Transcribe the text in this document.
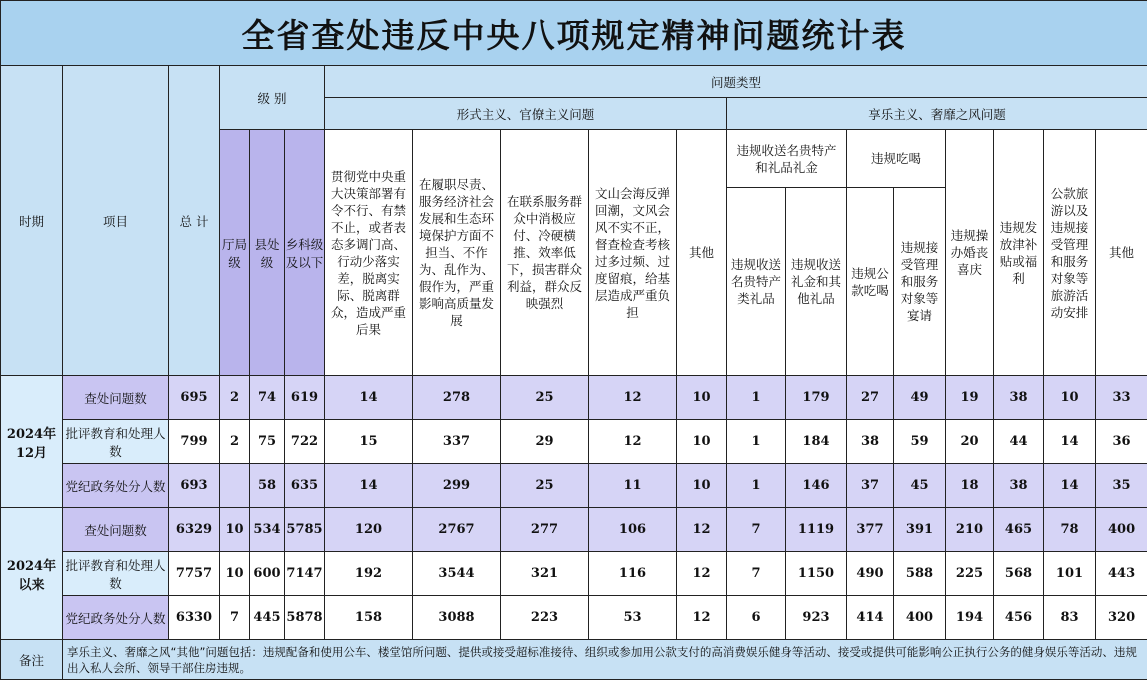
全省查处违反中央八项规定精神问题统计表																		
时期	项目	总 计	级 别			问题类型												
						形式主义、官僚主义问题					享乐主义、奢靡之风问题							
			厅局级	县处级	乡科级及以下	贯彻党中央重大决策部署有令不行、有禁不止，或者表态多调门高、行动少落实差，脱离实际、脱离群众，造成严重后果	在履职尽责、服务经济社会发展和生态环境保护方面不担当、不作为、乱作为、假作为，严重影响高质量发展	在联系服务群众中消极应付、冷硬横推、效率低下，损害群众利益，群众反映强烈	文山会海反弹回潮，文风会风不实不正，督查检查考核过多过频、过度留痕，给基层造成严重负担	其他	违规收送名贵特产和礼品礼金		违规吃喝		违规操办婚丧喜庆	违规发放津补贴或福利	公款旅游以及违规接受管理和服务对象等旅游活动安排	其他
											违规收送名贵特产类礼品	违规收送礼金和其他礼品	违规公款吃喝	违规接受管理和服务对象等宴请				

2024年12月	查处问题数	695	2	74	619	14	278	25	12	10	1	179	27	49	19	38	10	33
	批评教育和处理人数	799	2	75	722	15	337	29	12	10	1	184	38	59	20	44	14	36
	党纪政务处分人数	693		58	635	14	299	25	11	10	1	146	37	45	18	38	14	35
2024年以来	查处问题数	6329	10	534	5785	120	2767	277	106	12	7	1119	377	391	210	465	78	400
	批评教育和处理人数	7757	10	600	7147	192	3544	321	116	12	7	1150	490	588	225	568	101	443
	党纪政务处分人数	6330	7	445	5878	158	3088	223	53	12	6	923	414	400	194	456	83	320
备注	享乐主义、奢靡之风“其他”问题包括：违规配备和使用公车、楼堂馆所问题、提供或接受超标准接待、组织或参加用公款支付的高消费娱乐健身等活动、接受或提供可能影响公正执行公务的健身娱乐等活动、违规出入私人会所、领导干部住房违规。																	
